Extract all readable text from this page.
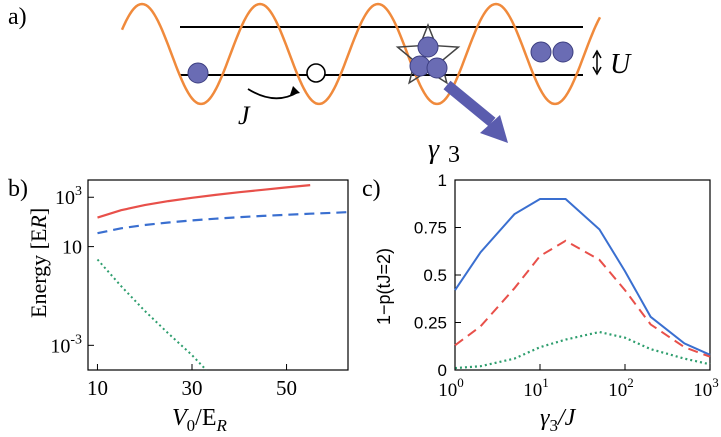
a)
J
γ 3
U
b) $10^3$
10
$10^{-3}$
10	30	50
Energy [ER]
$V_0/E_R$
c)	1
0.75
0.5
0.25
0
$10^0$	$10^1$	$10^2$	$10^3$
1−p(tJ=2)
$\gamma_3/J$
